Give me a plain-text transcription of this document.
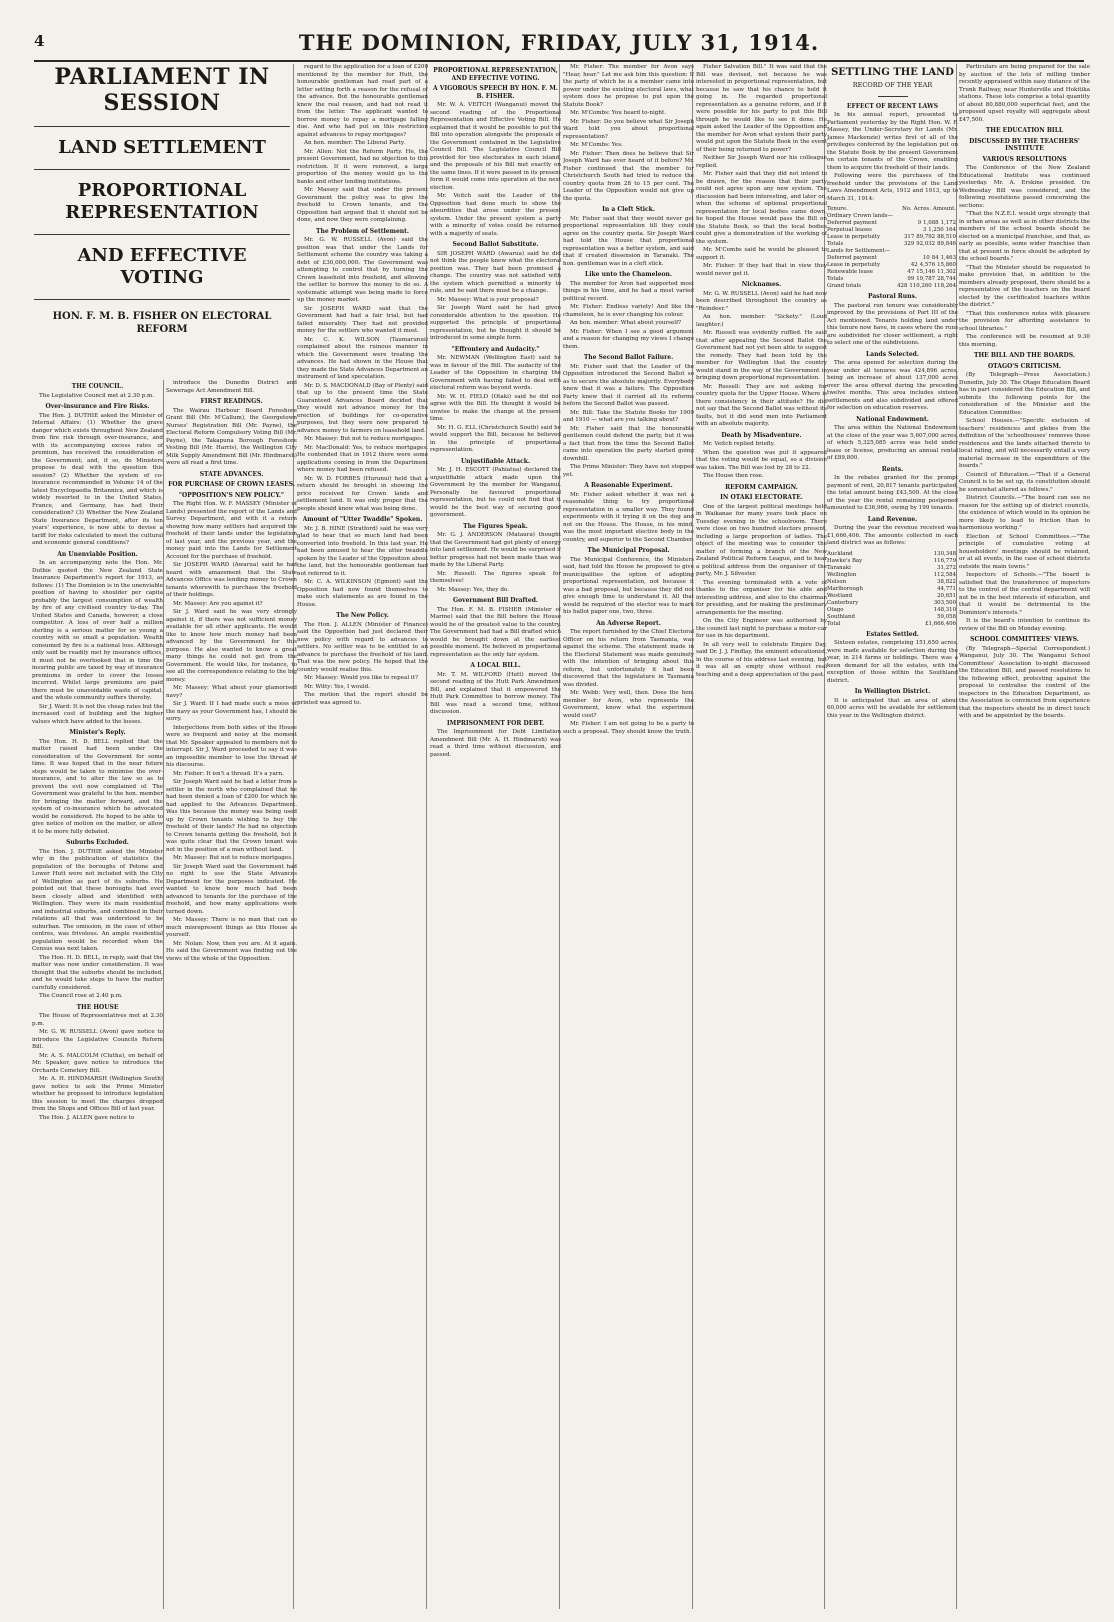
4	THE DOMINION, FRIDAY, JULY 31, 1914.
PARLIAMENT IN SESSION
LAND SETTLEMENT
PROPORTIONAL REPRESENTATION
AND EFFECTIVE VOTING
HON. F. M. B. FISHER ON ELECTORAL REFORM

THE COUNCIL.

The Legislative Council met at 2.30 p.m.

Over-insurance and Fire Risks.

The Hon. J. DUTHIE asked the Minister of Internal Affairs: (1) Whether the grave danger which exists throughout New Zealand from fire risk through over-insurance, and with its accompanying excess rates of premium, has received the consideration of the Government; and, if so, do Ministers propose to deal with the question this session? (2) Whether the system of co-insurance recommended in Volume 14 of the latest Encyclopaedia Britannica, and which is widely resorted to in the United States, France, and Germany, has had their consideration? (3) Whether the New Zealand State Insurance Department, after its ten years' experience, is now able to devise a tariff for risks calculated to meet the cultural and economic general conditions?

An Unenviable Position.

In an accompanying note the Hon. Mr. Duthie quoted the New Zealand State Insurance Department's report for 1913, as follows: (1) The Dominion is in the unenviable position of having to shoulder per capita probably the largest consumption of wealth by fire of any civilised country to-day. The United States and Canada, however, a close competitor. A loss of over half a million sterling is a serious matter for so young a country with so small a population. Wealth consumed by fire is a national loss. Although only said be readily met by insurance offices, it must not be overlooked that in time the insuring public are taxed by way of insurance premiums in order to cover the losses incurred. Whilst large premiums are paid there must be unavoidable waste of capital, and the whole community suffers thereby.

Sir J. Ward: It is not the cheap rates but the increased cost of building and the higher values which have added to the losses.

Minister's Reply.

The Hon. H. D. BELL replied that the matter raised had been under the consideration of the Government for some time. It was hoped that in the near future steps would be taken to minimise the over-insurance, and to alter the law so as to prevent the evil now complained of. The Government was grateful to the hon. member for bringing the matter forward, and the system of co-insurance which he advocated would be considered. He hoped to be able to give notice of motion on the matter, or allow it to be more fully debated.

Suburbs Excluded.

The Hon. J. DUTHIE asked the Minister why in the publication of statistics the population of the boroughs of Petone and Lower Hutt were not included with the City of Wellington as part of its suburbs. He pointed out that these boroughs had ever been closely allied and identified with Wellington. They were its main residential and industrial suburbs, and combined in their relations all that was understood to be suburban. The omission, in the case of other centres, was frivolous. An ample residential population would be recorded when the Census was next taken.

The Hon. H. D. BELL, in reply, said that the matter was now under consideration. It was thought that the suburbs should be included, and he would take steps to have the matter carefully considered.

The Council rose at 2.40 p.m.

THE HOUSE

The House of Representatives met at 2.30 p.m.

Mr. G. W. RUSSELL (Avon) gave notice to introduce the Legislative Councils Reform Bill.

Mr. A. S. MALCOLM (Clutha), on behalf of Mr. Speaker, gave notice to introduce the Orchards Cemetery Bill.

Mr. A. H. HINDMARSH (Wellington South) gave notice to ask the Prime Minister whether he proposed to introduce legislation this session to meet the charges dropped from the Shops and Offices Bill of last year.

The Hon. J. ALLEN gave notice to

introduce the Dunedin District and Sewerage Act Amendment Bill.

FIRST READINGS.

The Wairau Harbour Board Foreshore Grant Bill (Mr. M'Callum), the Georgetown Nurses' Registration Bill (Mr. Payne), the Electoral Reform Compulsory Voting Bill (Mr. Payne), the Takapuna Borough Foreshore Vesting Bill (Mr. Harris), the Wellington City Milk Supply Amendment Bill (Mr. Hindmarsh) were all read a first time.

STATE ADVANCES.

FOR PURCHASE OF CROWN LEASES.

"OPPOSITION'S NEW POLICY."

The Right Hon. W. F. MASSEY (Minister of Lands) presented the report of the Lands and Survey Department, and with it a return showing how many settlers had acquired the freehold of their lands under the legislation of last year, and the previous year, and the money paid into the Lands for Settlement Account for the purchase of freehold.

Sir JOSEPH WARD (Awarua) said he had heard with amazement that the State Advances Office was lending money to Crown tenants wherewith to purchase the freehold of their holdings.

Mr. Massey: Are you against it?

Sir J. Ward said he was very strongly against it, if there was not sufficient money available for all other applicants. He would like to know how much money had been advanced by the Government for this purpose. He also wanted to know a great many things he could not get from the Government. He would like, for instance, to see all the correspondence relating to the big money.

Mr. Massey: What about your glamorised navy?

Sir J. Ward: If I had made such a mess of the navy as your Government has, I should be sorry.

Interjections from both sides of the House were so frequent and noisy at the moment that Mr. Speaker appealed to members not to interrupt. Sir J. Ward proceeded to say it was an impossible member to lose the thread of his discourse.

Mr. Fisher: It isn't a thread. It's a yarn.

Sir Joseph Ward said he had a letter from a settler in the north who complained that he had been denied a loan of £200 for which he had applied to the Advances Department. Was this because the money was being used up by Crown tenants wishing to buy the freehold of their lands? He had no objection to Crown tenants getting the freehold, but it was quite clear that the Crown tenant was not in the position of a man without land.

Mr. Massey: But not to reduce mortgages.

Sir Joseph Ward said the Government had no right to use the State Advances Department for the purposes indicated. He wanted to know how much had been advanced to tenants for the purchase of the freehold, and how many applications were turned down.

Mr. Massey: There is no man that can so much misrepresent things as this House as yourself.

Mr. Nolan: Now, then you are. At it again. He said the Government was finding out the views of the whole of the Opposition.

regard to the application for a loan of £200 mentioned by the member for Hutt, the honourable gentleman had read part of a letter setting forth a reason for the refusal of the advance. But the honourable gentleman knew the real reason, and had not read it from the letter. The applicant wanted to borrow money to repay a mortgage falling due. And who had put on this restriction against advances to repay mortgages?

An hon. member: The Liberal Party.

Mr. Allen: Not the Reform Party. He, the present Government, had no objection to this restriction. If it were removed, a large proportion of the money would go to the banks and other lending institutions.

Mr. Massey said that under the present Government the policy was to give the freehold to Crown tenants, and the Opposition had argued that it should not be done, and now they were complaining.

The Problem of Settlement.

Mr. G. W. RUSSELL (Avon) said the position was that under the Lands for Settlement scheme the country was taking a debt of £30,000,000. The Government was attempting to control that by turning the Crown leasehold into freehold, and allowing the settler to borrow the money to do so. A systematic attempt was being made to force up the money market.

Sir JOSEPH WARD said that the Government had had a fair trial, but had failed miserably. They had not provided money for the settlers who wanted it most.

Mr. C. K. WILSON (Taumarunui) complained about the ruinous manner in which the Government were treating the advances. He had shown in the House that they made the State Advances Department an instrument of land speculation.

Mr. D. S. MACDONALD (Bay of Plenty) said that up to the present time the State Guaranteed Advances Board decided that they would not advance money for the erection of buildings for co-operative purposes, but they were now prepared to advance money to farmers on leasehold land.

Mr. Massey: But not to reduce mortgages.

Mr. MacDonald: Yes, to reduce mortgages. He contended that in 1912 there were some applications coming in from the Department where money had been refused.

Mr. W. D. FORBES (Hurunui) held that a return should be brought in showing the price received for Crown lands and settlement land. It was only proper that the people should know what was being done.

Amount of "Utter Twaddle" Spoken.

Mr. J. B. HINE (Stratford) said he was very glad to hear that so much land had been converted into freehold. In this last year. He had been amused to hear the utter twaddle spoken by the Leader of the Opposition about the land, but the honourable gentleman had not referred to it.

Mr. C. A. WILKINSON (Egmont) said the Opposition had now found themselves to make such statements as are found in the House.

The New Policy.

The Hon. J. ALLEN (Minister of Finance) said the Opposition had just declared their new policy with regard to advances to settlers. No settler was to be entitled to an advance to purchase the freehold of his land. That was the new policy. He hoped that the country would realise this.

Mr. Massey: Would you like to repeal it?

Mr. Witty: Yes, I would.

The motion that the report should be printed was agreed to.

PROPORTIONAL REPRESENTATION, AND EFFECTIVE VOTING.

A VIGOROUS SPEECH BY HON. F. M. B. FISHER.

Mr. W. A. VEITCH (Wanganui) moved the second reading of the Proportional Representation and Effective Voting Bill. He explained that it would be possible to put the Bill into operation alongside the proposals of the Government contained in the Legislative Council Bill. The Legislative Council Bill provided for two electorates in each island, and the proposals of his Bill met exactly on the same lines. If it were passed in its present form it would come into operation at the next election.

Mr. Veitch said the Leader of the Opposition had done much to show the absurdities that arose under the present system. Under the present system a party with a minority of votes could be returned with a majority of seats.

Second Ballot Substitute.

SIR JOSEPH WARD (Awarua) said he did not think the people knew what the electoral position was. They had been promised a change. The country was not satisfied with the system which permitted a minority to rule, and he said there must be a change.

Mr. Massey: What is your proposal?

Sir Joseph Ward said he had given considerable attention to the question. He supported the principle of proportional representation, but he thought it should be introduced in some simple form.

"Effrontery and Audacity."

Mr. NEWMAN (Wellington East) said he was in favour of the Bill. The audacity of the Leader of the Opposition in charging the Government with having failed to deal with electoral reform was beyond words.

Mr. W. H. FIELD (Otaki) said he did not agree with the Bill. He thought it would be unwise to make the change at the present time.

Mr. H. G. ELL (Christchurch South) said he would support the Bill, because he believed in the principle of proportional representation.

Unjustifiable Attack.

Mr. J. H. ESCOTT (Pahiatua) declared the unjustifiable attack made upon the Government by the member for Wanganui. Personally he favoured proportional representation, but he could not find that it would be the best way of securing good government.

The Figures Speak.

Mr. G. J. ANDERSON (Mataura) thought that the Government had got plenty of energy into land settlement. He would be surprised if better progress had not been made than was made by the Liberal Party.

Mr. Russell: The figures speak for themselves!

Mr. Massey: Yes, they do.

Government Bill Drafted.

The Hon. F. M. B. FISHER (Minister of Marine) said that the Bill before the House would be of the greatest value to the country. The Government had had a Bill drafted which would be brought down at the earliest possible moment. He believed in proportional representation as the only fair system.

A LOCAL BILL.

Mr. T. M. WILFORD (Hutt) moved the second reading of the Hutt Park Amendment Bill, and explained that it empowered the Hutt Park Committee to borrow money. The Bill was read a second time, without discussion.

IMPRISONMENT FOR DEBT.

The Imprisonment for Debt Limitation Amendment Bill (Mr. A. H. Hindmarsh) was read a third time without discussion, and passed.

Mr. Fisher: The member for Avon says "Hear, hear." Let me ask him this question: If the party of which he is a member came into power under the existing electoral laws, what system does he propose to put upon the Statute Book?

Mr. M'Combs: You heard to-night.

Mr. Fisher: Do you believe what Sir Joseph Ward told you about proportional representation?

Mr. M'Combs: Yes.

Mr. Fisher: Then does he believe that Sir Joseph Ward has ever heard of it before? Mr. Fisher continued that the member for Christchurch South had tried to reduce the country quota from 28 to 15 per cent. The Leader of the Opposition would not give up the quota.

In a Cleft Stick.

Mr. Fisher said that they would never get proportional representation till they could agree on the country quota. Sir Joseph Ward had told the House that proportional representation was a better system, and said that if created dissension in Taranaki. The hon. gentleman was in a cleft stick.

Like unto the Chameleon.

The member for Avon had supported most things in his time, and he had a most varied political record.

Mr. Fisher: Endless variety! And like the chameleon, he is ever changing his colour.

An hon. member: What about yourself?

Mr. Fisher: When I see a good argument and a reason for changing my views I change them.

The Second Ballot Failure.

Mr. Fisher said that the Leader of the Opposition introduced the Second Ballot so as to secure the absolute majority. Everybody knew that it was a failure. The Opposition Party knew that it carried all its reforms before the Second Ballot was passed.

Mr. Bill: Take the Statute Books for 1909 and 1910 — what are you talking about?

Mr. Fisher said that the honourable gentlemen could defend the party, but it was a fact that from the time the Second Ballot came into operation the party started going downhill.

The Prime Minister: They have not stopped yet.

A Reasonable Experiment.

Mr. Fisher asked whether it was not a reasonable thing to try proportional representation in a smaller way. They found experiments with it trying it on the dog and not on the House. The House, in his mind, was the most important elective body in the country, and superior to the Second Chamber.

The Municipal Proposal.

The Municipal Conference, the Ministers said, had told the House he proposed to give municipalities the option of adopting proportional representation, not because it was a bad proposal, but because they did not give enough time to understand it. All that would be required of the elector was to mark his ballot paper one, two, three.

An Adverse Report.

The report furnished by the Chief Electoral Officer on his return from Tasmania, was against the scheme. The statement made in the Electoral Statement was made genuinely with the intention of bringing about this reform, but unfortunately it had been discovered that the legislature in Tasmania was divided.

Mr. Webb: Very well, then. Does the hon. member for Avon, who represents the Government, know what the experiment would cost?

Mr. Fisher: I am not going to be a party to such a proposal. They should know the truth.

Fisher Salvation Bill." It was said that the Bill was devised, not because he was interested in proportional representation, but because he saw that his chance to hold it going in. He regarded proportional representation as a genuine reform, and if it were possible for his party to put this Bill through he would like to see it done. He again asked the Leader of the Opposition and the member for Avon what system their party would put upon the Statute Book in the event of their being returned to power?

Neither Sir Joseph Ward nor his colleague replied.

Mr. Fisher said that they did not intend to be drawn, for the reason that their party could not agree upon any new system. The discussion had been interesting, and later on, when the scheme of optional proportional representation for local bodies came down, he hoped the House would pass the Bill on the Statute Book, so that the local bodies could give a demonstration of the working of the system.

Mr. M'Combs said he would be pleased to support it.

Mr. Fisher: If they had that in view they would never get it.

Nicknames.

Mr. G. W. RUSSELL (Avon) said he had now been described throughout the country as "Reindeer."

An hon. member: "Sickety." (Loud laughter.)

Mr. Russell was evidently ruffled. He said that after appealing the Second Ballot the Government had not yet been able to suggest the remedy. They had been told by the member for Wellington that the country would stand in the way of the Government in bringing down proportional representation.

Mr. Russell: They are not asking for country quota for the Upper House. Where is there consistency in their attitude? He did not say that the Second Ballot was without its faults, but it did send men into Parliament with an absolute majority.

Death by Misadventure.

Mr. Veitch replied briefly.

When the question was put it appeared that the voting would be equal, so a division was taken. The Bill was lost by 28 to 22.

The House then rose.

REFORM CAMPAIGN.

IN OTAKI ELECTORATE.

One of the largest political meetings held in Waikanae for many years took place on Tuesday evening in the schoolroom. There were close on two hundred electors present, including a large proportion of ladies. The object of the meeting was to consider the matter of forming a branch of the New Zealand Political Reform League, and to hear a political address from the organiser of the party, Mr. J. Silvester.

The evening terminated with a vote of thanks to the organiser for his able and interesting address, and also to the chairman for presiding, and for making the preliminary arrangements for the meeting.

On the City Engineer was authorised by the council last night to purchase a motor-car for use in his department.

In all very well to celebrate Empire Day, said Dr. J. J. Findlay, the eminent educationist, in the course of his address last evening, but it was all an empty show without real teaching and a deep appreciation of the past.

SETTLING THE LAND
RECORD OF THE YEAR

EFFECT OF RECENT LAWS

In his annual report, presented to Parliament yesterday by the Right Hon. W. F. Massey, the Under-Secretary for Lands (Mr. James Mackenzie) writes first of all of the privileges conferred by the legislation put on the Statute Book by the present Government on certain tenants of the Crown, enabling them to acquire the freehold of their lands.

Following were the purchases of the freehold under the provisions of the Land Laws Amendment Acts, 1912 and 1913, up to March 31, 1914:

Tenure.	No. Acres. Amount.
Ordinary Crown lands—
Deferred payment	9 1,088 1,172
Perpetual leases	3 1,250 164
Lease in perpetuity	317 89,792 88,510
Totals	329 92,032 89,846
Lands for Settlement—
Deferred payment	10 84 1,463
Lease in perpetuity	42 4,576 15,860
Renewable lease	47 15,146 11,302
Totals	99 19,787 28,744
Grand totals	428 110,260 118,264

Pastoral Runs.

The pastoral run tenure was considerably improved by the provisions of Part III of the Act mentioned. Tenants holding land under this tenure now have, in cases where the runs are subdivided for closer settlement, a right to select one of the subdivisions.

Lands Selected.

The area opened for selection during the year under all tenures was 424,896 acres, being an increase of about 137,000 acres over the area offered during the preceding twelve months. This area includes sixteen settlements and also subdivided and offered for selection on education reserves.

National Endowment.

The area within the National Endowment at the close of the year was 5,607,000 acres, of which 5,325,085 acres was held under lease or license, producing an annual rental of £89,800.

Rents.

In the rebates granted for the prompt payment of rent, 20,817 tenants participated, the total amount being £43,509. At the close of the year the rental remaining postponed amounted to £36,966, owing by 199 tenants.

Land Revenue.

During the year the revenue received was £1,666,406. The amounts collected in each land district was as follows:

Auckland	130,348
Hawke's Bay	116,779
Taranaki	31,272
Wellington	112,584
Nelson	38,822
Marlborough	44,771
Westland	20,651
Canterbury	303,500
Otago	148,310
Southland	59,058
Total	£1,666,406

Estates Settled.

Sixteen estates, comprising 151,650 acres, were made available for selection during the year, in 214 farms or holdings. There was a keen demand for all the estates, with the exception of those within the Southland district.

In Wellington District.

It is anticipated that an area of about 60,000 acres will be available for settlement this year in the Wellington district.

Particulars are being prepared for the sale by auction of the lots of milling timber recently appraised within easy distance of the Trunk Railway, near Hunterville and Hokitika stations. These lots comprise a total quantity of about 80,880,000 superficial feet, and the proposed upset royalty will aggregate about £47,500.

THE EDUCATION BILL

DISCUSSED BY THE TEACHERS' INSTITUTE

VARIOUS RESOLUTIONS

The Conference of the New Zealand Educational Institute was continued yesterday. Mr. A. Erskine presided. On Wednesday Bill was considered, and the following resolutions passed concerning the sections:

"That the N.Z.E.I. would urge strongly that in urban areas as well as in other districts the members of the school boards should be elected on a municipal franchise, and that, as early as possible, some wider franchise than that at present in force should be adopted by the school boards."

"That the Minister should be requested to make provision that, in addition to the members already proposed, there should be a representative of the teachers on the board elected by the certificated teachers within the district."

"That this conference notes with pleasure the provision for affording assistance to school libraries."

The conference will be resumed at 9.30 this morning.

THE BILL AND THE BOARDS.

OTAGO'S CRITICISM.

(By Telegraph—Press Association.) Dunedin, July 30. The Otago Education Board has in part considered the Education Bill, and submits the following points for the consideration of the Minister and the Education Committee:

School Houses.—"Specific exclusion of teachers' residences and glebes from the definition of the 'schoolhouses' removes those residences and the lands attached thereto to local rating, and will necessarily entail a very material increase in the expenditure of the boards."

Council of Education.—"That if a General Council is to be set up, its constitution should be somewhat altered as follows."

District Councils.—"The board can see no reason for the setting up of district councils, the existence of which would in its opinion be more likely to lead to friction than to harmonious working."

Election of School Committees.—"The principle of cumulative voting at householders' meetings should be retained, or at all events, in the case of school districts outside the main towns."

Inspectors of Schools.—"The board is satisfied that the transference of inspectors to the control of the central department will not be in the best interests of education, and that it would be detrimental to the Dominion's interests."

It is the board's intention to continue its review of the Bill on Monday evening.

SCHOOL COMMITTEES' VIEWS.

(By Telegraph—Special Correspondent.) Wanganui, July 30. The Wanganui School Committees' Association to-night discussed the Education Bill, and passed resolutions to the following effect, protesting against the proposal to centralise the control of the inspectors in the Education Department, as the Association is convinced from experience that the inspectors should be in direct touch with and be appointed by the boards.
